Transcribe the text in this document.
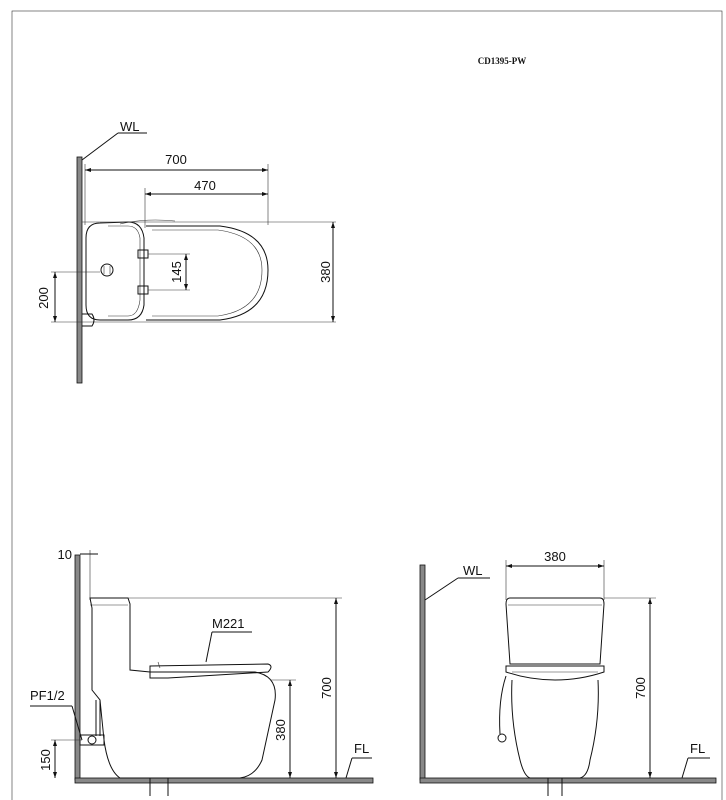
CD1395-PW
WL
700
470
380
145
200
10
M221
PF1/2
150
380
700
FL
WL
380
700
FL
